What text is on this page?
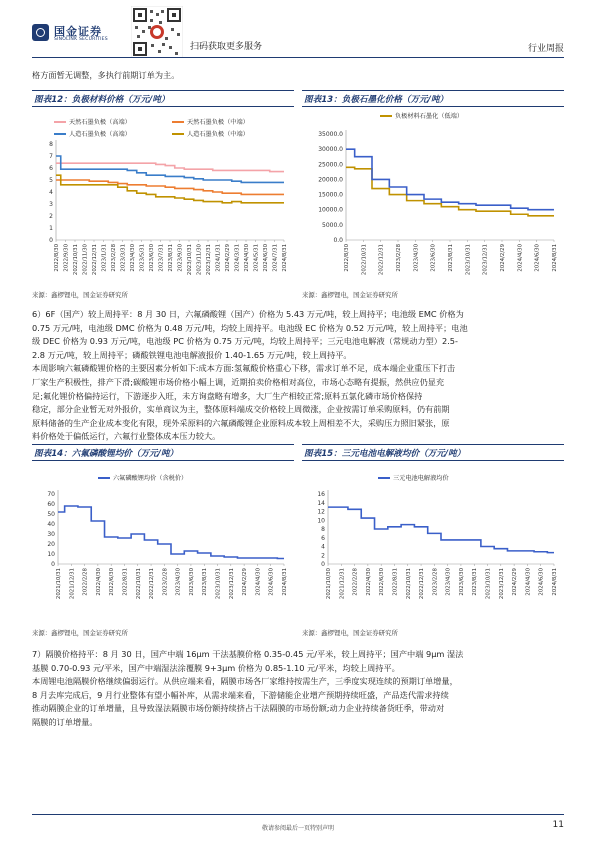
国金证券
SINOLINK SECURITIES
扫码获取更多服务	行业周报
格方面暂无调整，多执行前期订单为主。
图表12：负极材料价格（万元/吨）	图表13：负极石墨化价格（万元/吨）
0
1
2
3
4
5
6
7
8
2022/8/30 2022/9/30 2022/10/31 2022/11/30 2022/12/31 2023/1/31 2023/2/28 2023/3/31 2023/4/30 2023/5/31 2023/6/30 2023/7/31 2023/8/31 2023/9/30 2023/10/31 2023/11/30 2023/12/31 2024/1/31 2024/2/29 2024/3/31 2024/4/30 2024/5/31 2024/6/30 2024/7/31 2024/8/31
天然石墨负极（高端）	天然石墨负极（中端）
人造石墨负极（高端）	人造石墨负极（中端）
0.0
5000.0
10000.0
15000.0
20000.0
25000.0
30000.0
35000.0
2022/8/30 2022/10/31 2022/12/31 2023/2/28 2023/4/30 2023/6/30 2023/8/31 2023/10/31 2023/12/31 2024/2/29 2024/4/30 2024/6/30 2024/8/31
负极材料石墨化（低端）
来源：鑫椤锂电，国金证券研究所	来源：鑫椤锂电，国金证券研究所
6）6F（国产）较上周持平：8 月 30 日，六氟磷酸锂（国产）价格为 5.43 万元/吨，较上周持平；电池级 EMC 价格为
0.75 万元/吨，电池级 DMC 价格为 0.48 万元/吨，均较上周持平。电池级 EC 价格为 0.52 万元/吨，较上周持平；电池
级 DEC 价格为 0.93 万元/吨，电池级 PC 价格为 0.75 万元/吨，均较上周持平；三元电池电解液（常规动力型）2.5-
2.8 万元/吨，较上周持平；磷酸铁锂电池电解液报价 1.40-1.65 万元/吨，较上周持平。
本周影响六氟磷酸锂价格的主要因素分析如下:成本方面:氢氟酸价格重心下移，需求订单不足，成本端企业重压下打击
厂家生产积极性，排产下滑;碳酸锂市场价格小幅上调，近期拍卖价格相对高位，市场心态略有提振，然供应仍显充
足;氟化锂价格偏持运行，下游逐步入旺，未方询盘略有增多，大厂生产相较正常;原料五氯化磷市场价格保持
稳定，部分企业暂无对外报价，实单商议为主，整体原料端成交价格较上周微涨，企业按需订单采购原料，仍有前期
原料储备的生产企业成本变化有限，现外采原料的六氟磷酸锂企业原料成本较上周相差不大，采购压力照旧紧张，原
料价格处于偏低运行，六氟行业整体成本压力较大。
图表14：六氟磷酸锂均价（万元/吨）	图表15：三元电池电解液均价（万元/吨）
0
10
20
30
40
50
60
70
2021/10/31 2021/12/31 2022/2/28 2022/4/30 2022/6/30 2022/8/31 2022/10/31 2022/12/31 2023/2/28 2023/4/30 2023/6/30 2023/8/31 2023/10/31 2023/12/31 2024/2/29 2024/4/30 2024/6/30 2024/8/31
六氟磷酸锂均价（含税价）
0
2
4
6
8
10
12
14
16
2021/10/30 2021/12/31 2022/2/28 2022/4/30 2022/6/30 2022/8/31 2022/10/31 2022/12/31 2023/2/28 2023/4/30 2023/6/30 2023/8/31 2023/10/31 2023/12/31 2024/2/29 2024/4/30 2024/6/30 2024/8/31
三元电池电解液均价
来源：鑫椤锂电，国金证券研究所	来源：鑫椤锂电，国金证券研究所
7）隔膜价格持平：8 月 30 日，国产中端 16μm 干法基膜价格 0.35-0.45 元/平米，较上周持平；国产中端 9μm 湿法
基膜 0.70-0.93 元/平米，国产中端湿法涂覆膜 9+3μm 价格为 0.85-1.10 元/平米，均较上周持平。
本周锂电池隔膜价格继续偏弱运行。从供应端来看，隔膜市场各厂家维持按需生产，三季度实现连续的预期订单增量，
8 月去库完成后，9 月行业整体有望小幅补库，从需求端来看，下游储能企业增产预期持续旺盛，产品迭代需求持续
推动隔膜企业的订单增量，且导致湿法隔膜市场份额持续挤占干法隔膜的市场份额;动力企业持续备货旺季，带动对
隔膜的订单增量。
敬请参阅最后一页特别声明	11
